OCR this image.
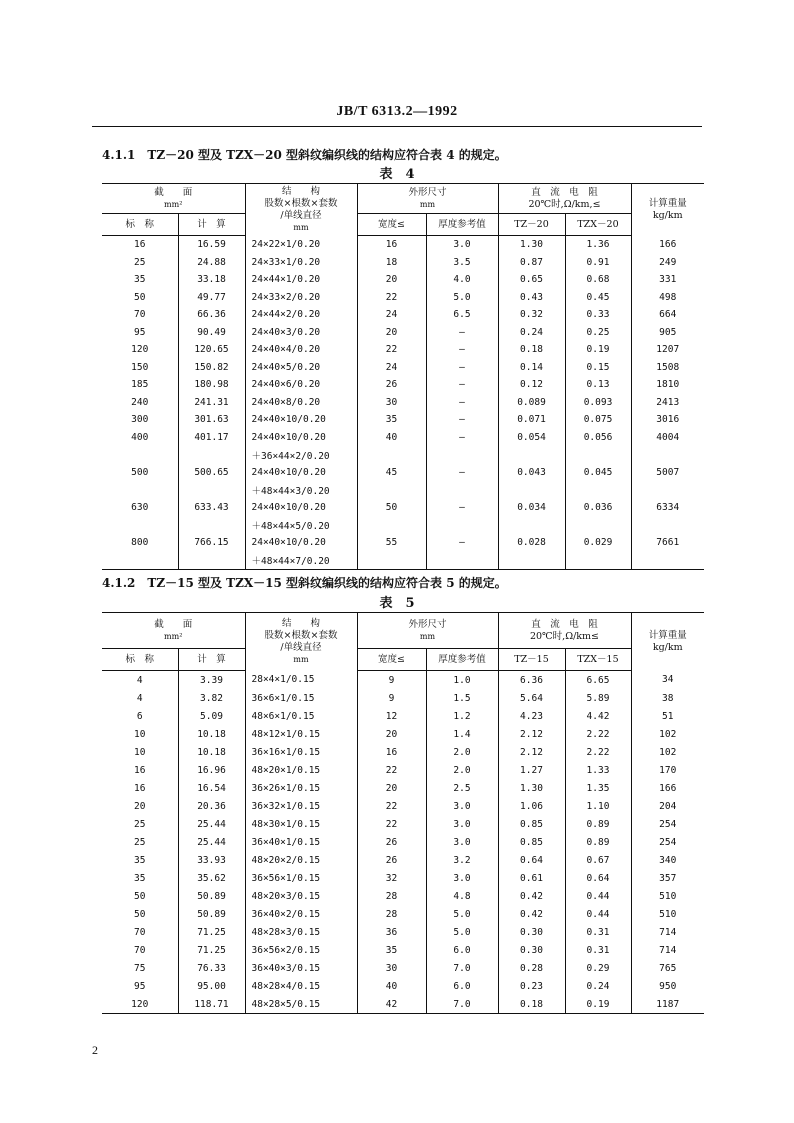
JB/T 6313.2—1992
4.1.1　TZ－20 型及 TZX－20 型斜纹编织线的结构应符合表 4 的规定。
表　4
截　　面
mm²		结　　构
股数×根数×套数
/单线直径
mm	外形尺寸
mm		直　流　电　阻
20℃时,Ω/km,≤		计算重量
kg/km
标　称	计　算		宽度≤	厚度参考值	TZ－20	TZX－20	
16	16.59	24×22×1/0.20	16	3.0	1.30	1.36	166
25	24.88	24×33×1/0.20	18	3.5	0.87	0.91	249
35	33.18	24×44×1/0.20	20	4.0	0.65	0.68	331
50	49.77	24×33×2/0.20	22	5.0	0.43	0.45	498
70	66.36	24×44×2/0.20	24	6.5	0.32	0.33	664
95	90.49	24×40×3/0.20	20	—	0.24	0.25	905
120	120.65	24×40×4/0.20	22	—	0.18	0.19	1207
150	150.82	24×40×5/0.20	24	—	0.14	0.15	1508
185	180.98	24×40×6/0.20	26	—	0.12	0.13	1810
240	241.31	24×40×8/0.20	30	—	0.089	0.093	2413
300	301.63	24×40×10/0.20	35	—	0.071	0.075	3016
400	401.17	24×40×10/0.20	40	—	0.054	0.056	4004
		＋36×44×2/0.20					
500	500.65	24×40×10/0.20	45	—	0.043	0.045	5007
		＋48×44×3/0.20					
630	633.43	24×40×10/0.20	50	—	0.034	0.036	6334
		＋48×44×5/0.20					
800	766.15	24×40×10/0.20	55	—	0.028	0.029	7661
		＋48×44×7/0.20					
4.1.2　TZ－15 型及 TZX－15 型斜纹编织线的结构应符合表 5 的规定。
表　5
截　　面
mm²		结　　构
股数×根数×套数
/单线直径
mm	外形尺寸
mm		直　流　电　阻
20℃时,Ω/km≤		计算重量
kg/km
标　称	计　算		宽度≤	厚度参考值	TZ－15	TZX－15	
4	3.39	28×4×1/0.15	9	1.0	6.36	6.65	34
4	3.82	36×6×1/0.15	9	1.5	5.64	5.89	38
6	5.09	48×6×1/0.15	12	1.2	4.23	4.42	51
10	10.18	48×12×1/0.15	20	1.4	2.12	2.22	102
10	10.18	36×16×1/0.15	16	2.0	2.12	2.22	102
16	16.96	48×20×1/0.15	22	2.0	1.27	1.33	170
16	16.54	36×26×1/0.15	20	2.5	1.30	1.35	166
20	20.36	36×32×1/0.15	22	3.0	1.06	1.10	204
25	25.44	48×30×1/0.15	22	3.0	0.85	0.89	254
25	25.44	36×40×1/0.15	26	3.0	0.85	0.89	254
35	33.93	48×20×2/0.15	26	3.2	0.64	0.67	340
35	35.62	36×56×1/0.15	32	3.0	0.61	0.64	357
50	50.89	48×20×3/0.15	28	4.8	0.42	0.44	510
50	50.89	36×40×2/0.15	28	5.0	0.42	0.44	510
70	71.25	48×28×3/0.15	36	5.0	0.30	0.31	714
70	71.25	36×56×2/0.15	35	6.0	0.30	0.31	714
75	76.33	36×40×3/0.15	30	7.0	0.28	0.29	765
95	95.00	48×28×4/0.15	40	6.0	0.23	0.24	950
120	118.71	48×28×5/0.15	42	7.0	0.18	0.19	1187
2
